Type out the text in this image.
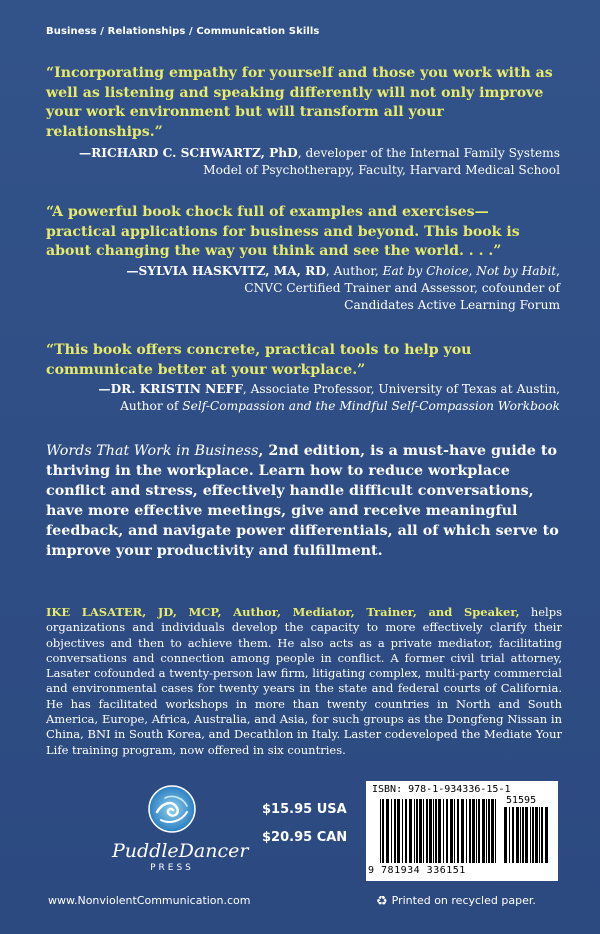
Business / Relationships / Communication Skills
“Incorporating empathy for yourself and those you work with as well as listening and speaking differently will not only improve your work environment but will transform all your relationships.”
—RICHARD C. SCHWARTZ, PhD, developer of the Internal Family Systems
Model of Psychotherapy, Faculty, Harvard Medical School
“A powerful book chock full of examples and exercises— practical applications for business and beyond. This book is about changing the way you think and see the world. . . .”
—SYLVIA HASKVITZ, MA, RD, Author, Eat by Choice, Not by Habit,
CNVC Certified Trainer and Assessor, cofounder of
Candidates Active Learning Forum
“This book offers concrete, practical tools to help you communicate better at your workplace.”
—DR. KRISTIN NEFF, Associate Professor, University of Texas at Austin,
Author of Self-Compassion and the Mindful Self-Compassion Workbook
Words That Work in Business, 2nd edition, is a must-have guide to thriving in the workplace. Learn how to reduce workplace conflict and stress, effectively handle difficult conversations, have more effective meetings, give and receive meaningful feedback, and navigate power differentials, all of which serve to improve your productivity and fulfillment.
IKE LASATER, JD, MCP, Author, Mediator, Trainer, and Speaker, helps organizations and individuals develop the capacity to more effectively clarify their objectives and then to achieve them. He also acts as a private mediator, facilitating conversations and connection among people in conflict. A former civil trial attorney, Lasater cofounded a twenty-person law firm, litigating complex, multi-party commercial and environmental cases for twenty years in the state and federal courts of California. He has facilitated workshops in more than twenty countries in North and South America, Europe, Africa, Australia, and Asia, for such groups as the Dongfeng Nissan in China, BNI in South Korea, and Decathlon in Italy. Laster codeveloped the Mediate Your Life training program, now offered in six countries.
PuddleDancer
PRESS
$15.95 USA
$20.95 CAN
ISBN: 978-1-934336-15-1
51595
9 781934 336151
www.NonviolentCommunication.com	♻ Printed on recycled paper.
